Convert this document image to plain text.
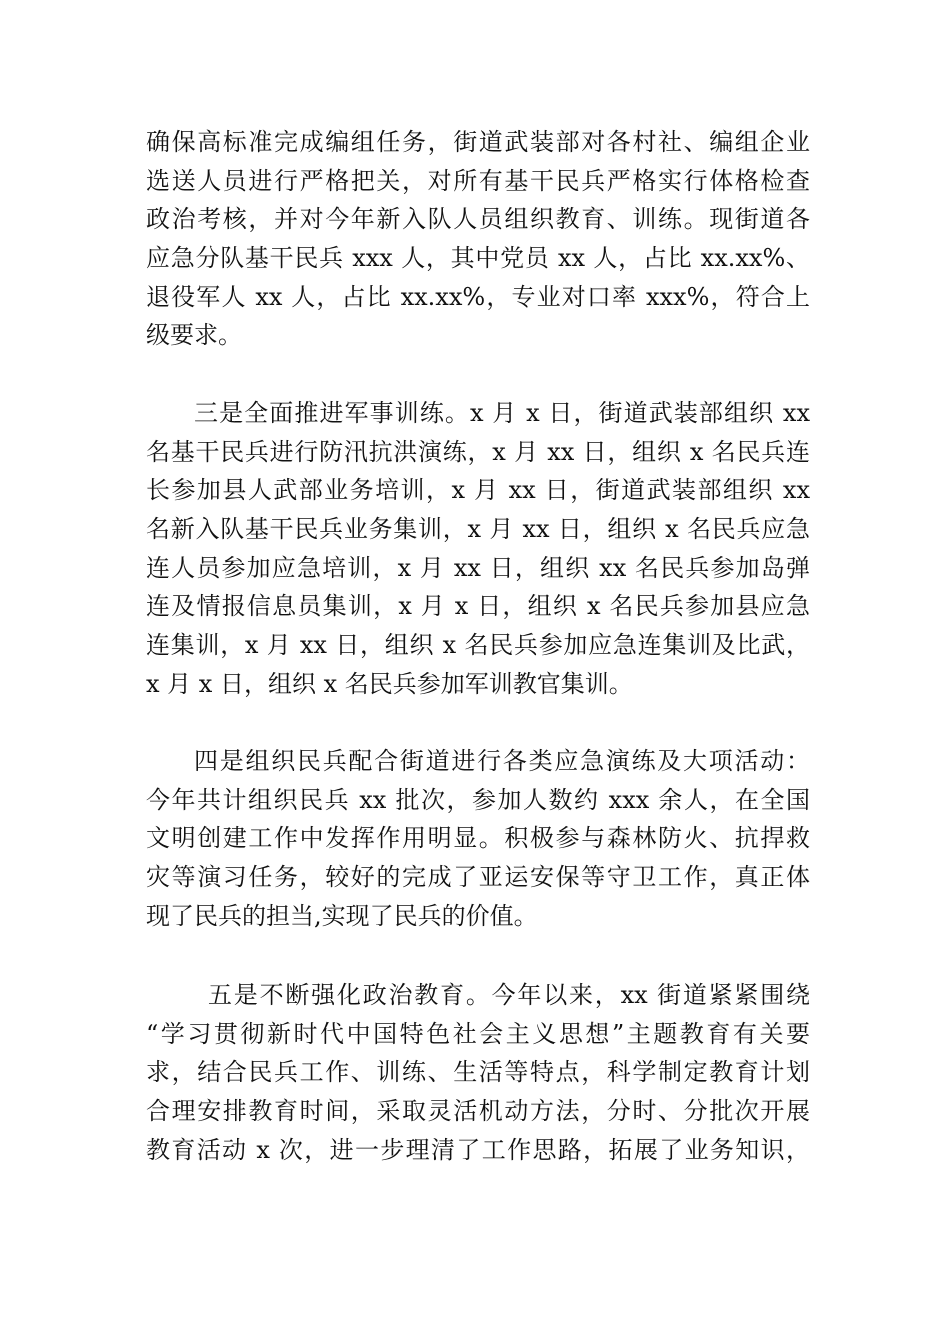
确保高标准完成编组任务，街道武装部对各村社、编组企业
选送人员进行严格把关，对所有基干民兵严格实行体格检查
政治考核，并对今年新入队人员组织教育、训练。现街道各
应急分队基干民兵 xxx 人，其中党员 xx 人，占比 xx.xx%、
退役军人 xx 人，占比 xx.xx%，专业对口率 xxx%，符合上
级要求。
三是全面推进军事训练。x 月 x 日，街道武装部组织 xx
名基干民兵进行防汛抗洪演练，x 月 xx 日，组织 x 名民兵连
长参加县人武部业务培训，x 月 xx 日，街道武装部组织 xx
名新入队基干民兵业务集训，x 月 xx 日，组织 x 名民兵应急
连人员参加应急培训，x 月 xx 日，组织 xx 名民兵参加岛弹
连及情报信息员集训，x 月 x 日，组织 x 名民兵参加县应急
连集训，x 月 xx 日，组织 x 名民兵参加应急连集训及比武，
x 月 x 日，组织 x 名民兵参加军训教官集训。
四是组织民兵配合街道进行各类应急演练及大项活动：
今年共计组织民兵 xx 批次，参加人数约 xxx 余人，在全国
文明创建工作中发挥作用明显。积极参与森林防火、抗捍救
灾等演习任务，较好的完成了亚运安保等守卫工作，真正体
现了民兵的担当,实现了民兵的价值。
五是不断强化政治教育。今年以来，xx 街道紧紧围绕
“学习贯彻新时代中国特色社会主义思想”主题教育有关要
求，结合民兵工作、训练、生活等特点，科学制定教育计划
合理安排教育时间，采取灵活机动方法，分时、分批次开展
教育活动 x 次，进一步理清了工作思路，拓展了业务知识，
